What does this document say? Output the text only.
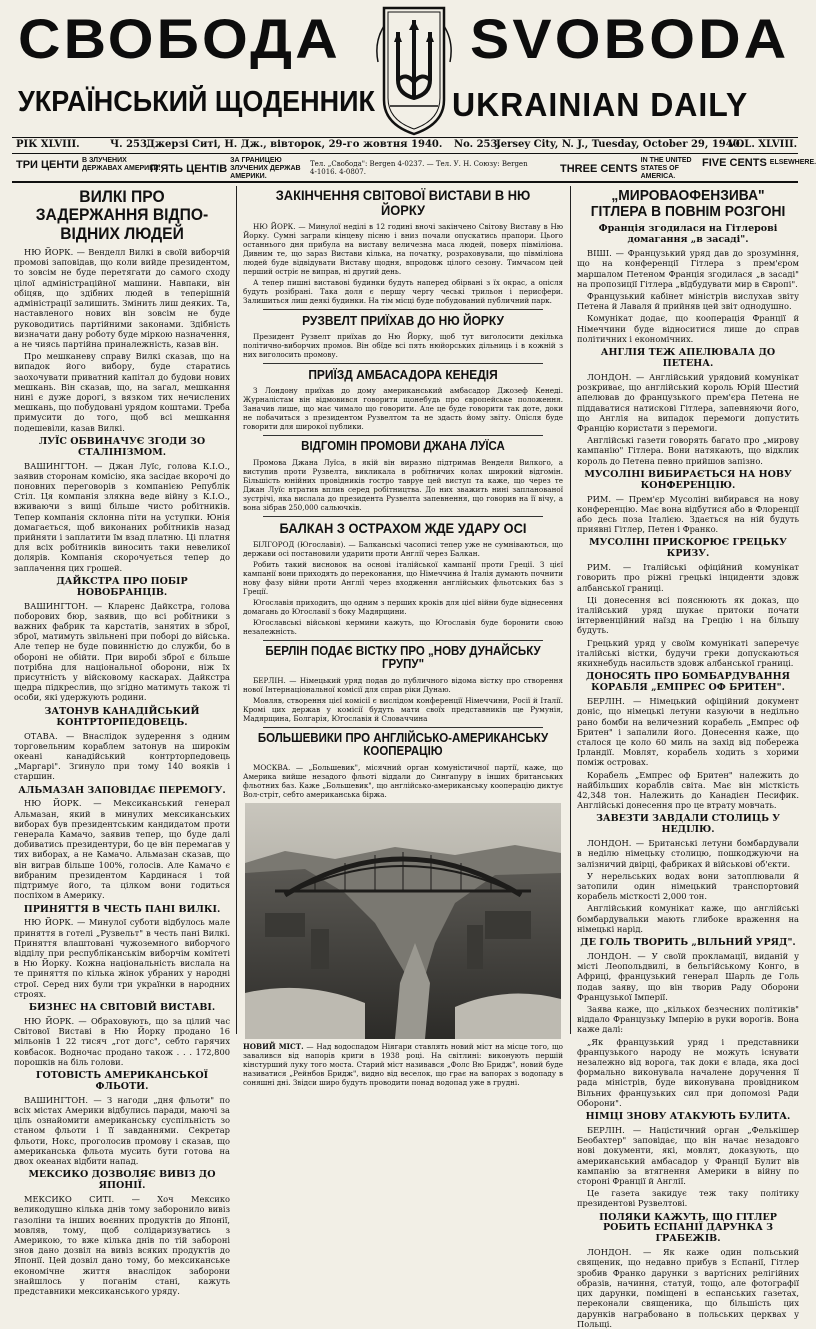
СВОБОДА SVOBODA
УКРАЇНСЬКИЙ ЩОДЕННИК UKRAINIAN DAILY
РІК XLVIII.	Ч. 253.
Джерзі Ситі, Н. Дж., вівторок, 29-го жовтня 1940. No. 253.
Jersey City, N. J., Tuesday, October 29, 1940.
VOL. XLVIII.
ТРИ ЦЕНТИ В ЗЛУЧЕНИХ ДЕРЖАВАХ АМЕРИКИ.
П'ЯТЬ ЦЕНТІВЗА ГРАНИЦЕЮ ЗЛУЧЕНИХ ДЕРЖАВ АМЕРИКИ.
Тел. „Свобода": Bergen 4-0237. — Тел. У. Н. Союзу: Bergen 4-1016. 4-0807.	THREE CENTSIN THE UNITED STATES OF AMERICA.
FIVE CENTS ELSEWHERE.
ВИЛКІ ПРО ЗАДЕРЖАННЯ ВІДПО-ВІДНИХ ЛЮДЕЙ
НЮ ЙОРК. — Венделл Вилкі в своїй виборчій промові заповідав, що коли вийде президентом, то зовсім не буде перетягати до самого сходу цілої адміністраційної машини. Навпаки, він обіцяв, що здібних людей в теперішній адміністрації залишить. Змінить лиш деяких. Та, наставленого нових він зовсім не буде руководитись партійними законами. Здібність визначати дану роботу буде міркою назначення, а не чиясь партійна приналежність, казав він.
Про мешканеву справу Вилкі сказав, що на випадок його вибору, буде старатись заохочувати приватний капітал до будови нових мешкань. Він сказав, що, на загал, мешкання нині є дуже дорогі, з вязком тих нечислених мешкань, що побудовані урядом коштами. Треба примусити до того, щоб всі мешкання подешевіли, казав Вилкі.
ЛУЇС ОБВИНАЧУЄ ЗГОДИ ЗО СТАЛІНІЗМОМ.
ВАШИНГТОН. — Джан Луїс, голова К.І.О., заявив сторонам комісію, яка засідає вкорочі до поновних переговорів з компанією Републік Стіл. Ця компанія злякна веде війну з К.І.О., вживаючи з вищі більше чисто робітників. Тепер компанія склонна піти на уступки. Юнія домагається, щоб виконаних робітників назад прийняти і заплатити їм взад платню. Ці платня для всіх робітників виносить таки невеликої долярів. Компанія скорочується тепер до заплачення цих грошей.
ДАЙКСТРА ПРО ПОБІР НОВОБРАНЦІВ.
ВАШИНГТОН. — Кларенс Дайкстра, голова поборових бюр, заявив, що всі робітники з важних фабрик та карстатів, занятих в зброї, зброї, матимуть звільнені при поборі до війська. Але тепер не буде повинністю до служби, бо в обороні не обійти. При виробі зброї є більше потрібна для національної оборони, ніж їх присутність у війсковому каскарах. Дайкстра щедра підкреслив, що згідно матимуть також ті особи, які удержують родини.
ЗАТОНУВ КАНАДІЙСЬКИЙ КОНТРТОРПЕДОВЕЦЬ.
ОТАВА. — Внаслідок зудерення з одним торговельним кораблем затонув на широкім океані канадійський контрторпедовець „Маргарі". Згинуло при тому 140 вояків і старшин.
АЛЬМАЗАН ЗАПОВІДАЄ ПЕРЕМОГУ.
НЮ ЙОРК. — Мексиканський генерал Альмазан, який в минулих мексиканських виборах був президентським кандидатом проти генерала Камачо, заявив тепер, що буде далі добиватись президентури, бо це він перемагав у тих виборах, а не Камачо. Альмазан сказав, що він виграв більше 100%, голосів. Але Камачо є вибраним президентом Кардинася і той підтримує його, та цілком вони годиться поспіхом в Америку.
ПРИНЯТТЯ В ЧЕСТЬ ПАНІ ВИЛКІ.
НЮ ЙОРК. — Минулої суботи відбулось мале приняття в готелі „Рузвельт" в честь пані Вилкі. Приняття влаштовані чужоземного виборчого відділу при республіканськім виборчім комітеті в Ню Йорку. Кожна національність вислала на те приняття по кілька жінок убраних у народні строї. Серед них були три українки в народних строях.
БИЗНЕС НА СВІТОВІЙ ВИСТАВІ.
НЮ ЙОРК. — Обраховують, що за цілий час Світової Виставі в Ню Йорку продано 16 мільонів 1 22 тисяч „гот догс", себто гарячих ковбасок. Водночас продано також . . . 172,800 порошків на біль голови.
ГОТОВІСТЬ АМЕРИКАНСЬКОЇ ФЛЬОТИ.
ВАШИНГТОН. — З нагоди „дня фльоти" по всіх містах Америки відбулись паради, маючі за ціль ознайомити американську суспільність зо станом фльоти і її завданнями. Секретар фльоти, Нокс, проголосив промову і сказав, що американська фльота мусить бути готова на двох океанах відбити напад.
МЕКСИКО ДОЗВОЛЯЄ ВИВІЗ ДО ЯПОНІЇ.
МЕКСИКО СИТІ. — Хоч Мексико великодушно кілька днів тому заборонило вивіз газоліни та інших воєнних продуктів до Японії, мовляв, тому, щоб солідаризуватись з Америкою, то вже кілька днів по тій забороні знов дано дозвіл на вивіз всяких продуктів до Японії. Цей дозвіл дано тому, бо мексиканське економічне життя внаслідок заборони знайшлось у поганім стані, кажуть представники мексиканського уряду.
ЗАКІНЧЕННЯ СВІТОВОЇ ВИСТАВИ В НЮ ЙОРКУ
НЮ ЙОРК. — Минулої неділі в 12 годині вночі закінчено Світову Виставу в Ню Йорку. Сумні заграли кінцеву пісню і вниз почали опускатись прапори. Цього останнього дня прибула на виставу величезна маса людей, поверх півміліона. Дивним те, що зараз Вистави кілька, на початку, розраховували, що півміліона людей буде відвідувати Виставу щодня, впродовж цілого сезону. Тимчасом цей перший остріє не виправ, ні другий день.
А тепер пишні виставові будинки будуть наперед обірвані з їх окрас, а опісля будуть розібрані. Така доля є першу чергу чеські трильон і перисфери. Залишиться лиш деякі будинки. На тім місці буде побудований публичний парк.
РУЗВЕЛТ ПРИЇХАВ ДО НЮ ЙОРКУ
Президент Рузвелт приїхав до Ню Йорку, щоб тут виголосити декілька політично-виборчих промов. Він обїде всі пять нюйорських дільниць і в кожній з них виголосить промову.
ПРИЇЗД АМБАСАДОРА КЕНЕДІЯ
З Лондону приїхав до дому американський амбасадор Джозеф Кенеді. Журналістам він відмовився говорити щонебудь про європейське положення. Заначив лише, що має чимало що говорити. Але це буде говорити так доте, доки не побачиться з президентом Рузвелтом та не здасть йому звіту. Опісля буде говорити для широкої публики.
ВІДГОМІН ПРОМОВИ ДЖАНА ЛУЇСА
Промова Джана Луїса, в якій він виразно підтримав Венделя Вилкого, а виступив проти Рузвелта, викликала в робітничих колах широкий відгомін. Більшість юнійних провідників гостро тавруе цей виступ та каже, що через те Джан Луїс втратив вплив серед робітництва. До них зважить нині запланованої зустрічі, яка вислала до президента Рузвелта запевнення, що говорив на її вічу, а вона зібрав 250,000 сальючків.
БАЛКАН З ОСТРАХОМ ЖДЕ УДАРУ ОСІ
БІЛГОРОД (Югославія). — Балканські часописі тепер уже не сумніваються, що держави осі постановили ударити проти Англії через Балкан.
Робить такий висновок на основі італійської кампанії проти Греції. З цієї кампанії вони приходять до переконання, що Німеччина й Італія думають почнити нову фазу війни проти Англії через входження англійських фльотських баз з Греції.
Югославія приходить, що одним з перших кроків для цієї війни буде віднесення домагань до Югославії з боку Мадярщини.
Югославські військові кермини кажуть, що Югославія буде боронити свою незалежність.
БЕРЛІН ПОДАЄ ВІСТКУ ПРО „НОВУ ДУНАЙСЬКУ ГРУПУ"
БЕРЛІН. — Німецький уряд подав до публичного відома вістку про створення нової Інтернаціональної комісії для справ ріки Дунаю.
Мовляв, створення цієї комісії є вислідом конференції Німеччини, Росії й Італії. Кромі цих держав у комісії будуть мати своїх представників ще Румунія, Мадярщина, Болгарія, Югославія й Словаччина
БОЛЬШЕВИКИ ПРО АНГЛІЙСЬКО-АМЕРИКАНСЬКУ КООПЕРАЦІЮ
МОСКВА. — „Большевик", місячний орган комуністичної партії, каже, що Америка вийше незадого фльоті віддали до Сингапуру в інших британських фльотних баз. Каже „Большевик", що англійсько-американську кооперацію диктує Вол-стріт, себто американська біржа.
НОВИЙ МІСТ. — Над водоспадом Ніягари ставлять новий міст на місце того, що завалився від напорів криги в 1938 році. На світлині: виконують першій кінстурший луку того моста. Старий міст називався „Фолс Вю Бридж", новий буде називатися „Рейнбов Бридж", видно від веселок, що грає на вапорах з водопаду в соняшні дні. Звідси широ будуть проводити понад водопад уже в грудні.
„МИРОВАОФЕНЗИВА" ГІТЛЕРА В ПОВНІМ РОЗГОНІ
Франція згодилася на Гітлерові домагання „в засаді".
ВІШІ. — Французький уряд дав до зрозуміння, що на конференції Гітлера з прем'єром маршалом Петеном Франція згодилася „в засаді" на пропозиції Гітлера „вїдбудувати мир в Європі".
Французький кабінет міністрів вислухав звіту Петена й Лаваля й прийняв цей звіт однодушно.
Комунікат додає, що кооперація Франції й Німеччини буде відноситися лише до справ політичних і економічних.
АНГЛІЯ ТЕЖ АПЕЛЮВАЛА ДО ПЕТЕНА.
ЛОНДОН. — Англійський урядовий комунікат розкриває, що англійський король Юрій Шестий апелював до французького прем'єра Петена не піддаватися натискові Гітлера, запевняючи його, що Англія на випадок перемоги допустить Францію користати з перемоги.
Англійські газети говорять багато про „мирову кампанію" Гітлера. Вони натякають, що відклик король до Петена певно прийшов запізно.
МУСОЛІНІ ВИБИРАЄТЬСЯ НА НОВУ КОНФЕРЕНЦІЮ.
РИМ. — Прем'єр Мусоліні вибирався на нову конференцію. Має вона відбутися або в Флоренції або десь поза Італією. Здається на ній будуть приявні Гітлер, Петен і Франко.
МУСОЛІНІ ПРИСКОРЮЄ ГРЕЦЬКУ КРИЗУ.
РИМ. — Італійські офіційний комунікат говорить про ріжні грецькі інциденти здовж албанської границі.
Ці донесення всі пояснюють як доказ, що італійський уряд шукає притоки почати інтервенційний наїзд на Грецію і на більшу будуть.
Грецький уряд у своїм комунікаті заперечує італійські вістки, будучи греки допускаються якихнебудь насильств здовж албанської границі.
ДОНОСЯТЬ ПРО БОМБАРДУВАННЯ КОРАБЛЯ „ЕМПРЕС ОФ БРИТЕН".
БЕРЛІН. — Німецький офіційний документ доніс, що німецькі летуни казуючи в недільно рано бомби на величезний корабель „Емпрес оф Бритен" і запалили його. Донесення каже, що сталося це коло 60 миль на захід від побережа Ірландії. Мовлят, корабель ходить з хорими поміж островах.
Корабель „Емпрес оф Бритен" належить до найбільших кораблів світа. Має він місткість 42,348 тон. Належить до Канадієн Песифик. Англійські донесення про це втрату мовчать.
ЗАВЕЗТИ ЗАВДАЛИ СТОЛИЦЬ У НЕДІЛЮ.
ЛОНДОН. — Британські летуни бомбардували в неділю німецьку столицю, пошкоджуючи на залізничий двірці, фабриках й військові об'єкти.
У нерельських водах вони затоплювали й затопили один німецький транспортовий корабель місткості 2,000 тон.
Англійський комунікат каже, що англійські бомбардувальки мають глибоке враження на німецькі нарід.
ДЕ ГОЛЬ ТВОРИТЬ „ВІЛЬНИЙ УРЯД".
ЛОНДОН. — У своїй прокламації, виданій у місті Леопольдвилі, в бельгійському Конго, в Африці, французький генерал Шарль де Голь подав заяву, що він творив Раду Оборони Французької Імперії.
Заява каже, що „кількох безчесних політиків" віддало Французьку Імперію в руки ворогів. Вона каже далі:
„Як французький уряд і представники французького народу не можуть існувати незалежно від ворога, так доки є влада, яка досі формально виконувала началене доручення її рада міністрів, буде виконувана провідником Вільних французьких сил при допомозі Ради Оборони".
НІМЦІ ЗНОВУ АТАКУЮТЬ БУЛИТА.
БЕРЛІН. — Націстичний орган „Фелькішер Беобахтер" заповідає, що він начає незадовго нові документи, які, мовлят, доказують, що американський амбасадор у Франції Булит вів кампанію за втягнення Америки в війну по стороні Франції й Англії.
Це газета закидує теж таку політику президентові Рузвелтові.
ПОЛЯКИ КАЖУТЬ, ЩО ГІТЛЕР РОБИТЬ ЕСПАНІЇ ДАРУНКА З ГРАБЕЖІВ.
ЛОНДОН. — Як каже один польський священик, що недавно прибув з Еспанії, Гітлер зробив Франко дарунки з вартісних релігійних образів, начиння, статуй, тощо, але фотографії цих дарунки, поміщені в еспанських газетах, переконали священика, що більшість цих дарунків награбовано в польських церквах у Польщі.
